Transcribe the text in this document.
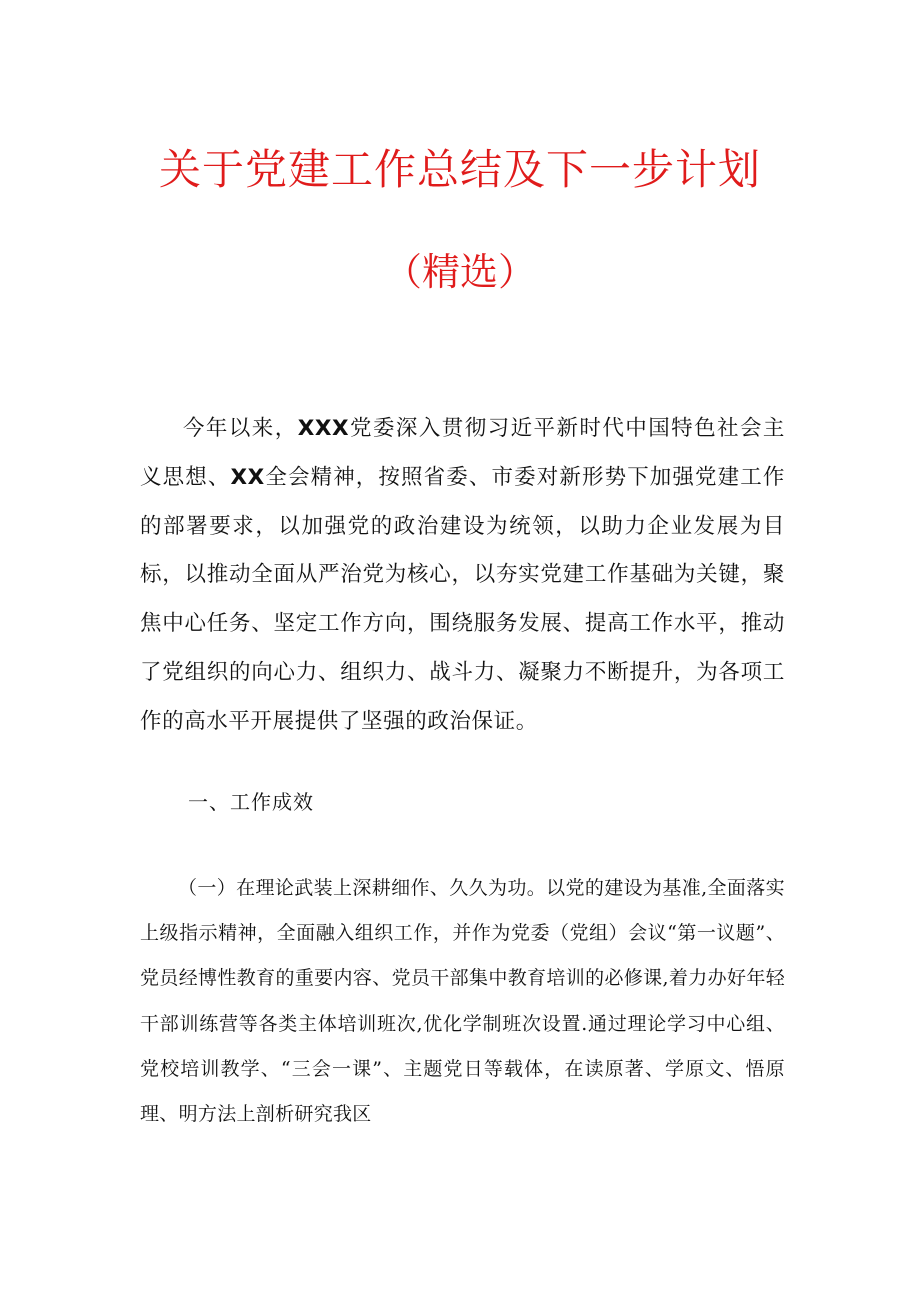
关于党建工作总结及下一步计划
（精选）

今年以来，XXX党委深入贯彻习近平新时代中国特色社会主义思想、XX全会精神，按照省委、市委对新形势下加强党建工作的部署要求，以加强党的政治建设为统领，以助力企业发展为目标，以推动全面从严治党为核心，以夯实党建工作基础为关键，聚焦中心任务、坚定工作方向，围绕服务发展、提高工作水平，推动了党组织的向心力、组织力、战斗力、凝聚力不断提升，为各项工作的高水平开展提供了坚强的政治保证。

一、工作成效

（一）在理论武装上深耕细作、久久为功。以党的建设为基准,全面落实上级指示精神，全面融入组织工作，并作为党委（党组）会议“第一议题”、党员经博性教育的重要内容、党员干部集中教育培训的必修课,着力办好年轻干部训练营等各类主体培训班次,优化学制班次设置.通过理论学习中心组、党校培训教学、“三会一课”、主题党日等载体，在读原著、学原文、悟原理、明方法上剖析研究我区
